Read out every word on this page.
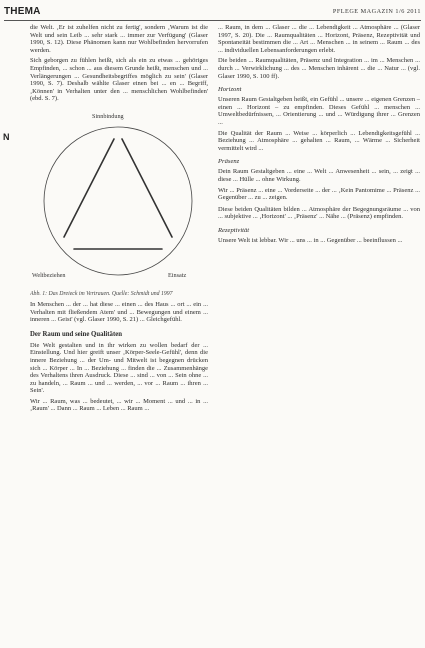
THEMA	PFLEGE MAGAZIN 1/6 2011
N

die Welt. ‚Er ist zuhelfen nicht zu fertig', sondern ‚Warum ist die Welt und sein Leib ... sehr stark ... immer zur Verfügung' (Glaser 1990, S. 12). Diese Phänomen kann nur Wohlbefinden hervorrufen werden.

Sich geborgen zu fühlen heißt, sich als ein zu etwas ... gehöriges Empfinden, ... schon ... aus diesem Grunde heißt, menschen und ... Verlängerungen ... Gesundheitsbegriffes möglich zu sein' (Glaser 1990, S. 7). Deshalb wählte Glaser einen bei ... en ... Begriff, ‚Können' in Verhalten unter den ... menschlichen Wohlbefinden' (ebd. S. 7).

Sinnbindung
Weltbeziehen	Einsatz

Abb. 1: Das Dreieck im Vertrauen. Quelle: Schmidt und 1997

In Menschen ... der ... hat diese ... einen ... des Haus ... ort ... ein ... Verhalten mit fließendem Atem' und ... Bewegungen und einem ... inneren ... Geist' (vgl. Glaser 1990, S. 21) ... Gleichgefühl.

Der Raum und seine Qualitäten

Die Welt gestalten und in ihr wirken zu wollen bedarf der ... Einstellung. Und hier greift unser ‚Körper-Seele-Gefühl', denn die innere Beziehung ... der Um- und Mitwelt ist begegnen drücken sich ... Körper ... In ... Beziehung ... finden die ... Zusammenhänge des Verhaltens ihren Ausdruck. Diese ... sind ... von ... Sein ohne ... zu handeln, ... Raum ... und ... werden, ... vor ... Raum ... ihren ... Sein'.

Wir ... Raum, was ... bedeutet, ... wir ... Moment ... und ... in ... ‚Raum' ... Dann ... Raum ... Leben ... Raum ...

... Raum, in dem ... Glaser ... die ... Lebendigkeit ... Atmosphäre ... (Glaser 1997, S. 20). Die ... Raumqualitäten ... Horizont, Präsenz, Rezeptivität und Spontaneität bestimmen die ... Art ... Menschen ... in seinem ... Raum ... des ... individuellen Lebensanforderungen erlebt.

Die beiden ... Raumqualitäten, Präsenz und Integration ... im ... Menschen ... durch ... Verwirklichung ... des ... Menschen inhärent ... die ... Natur ... (vgl. Glaser 1990, S. 100 ff).

Horizont

Unseren Raum Gestaltgeben heißt, ein Gefühl ... unsere ... eigenen Grenzen – einen ... Horizont – zu empfinden. Dieses Gefühl ... menschen ... Umweltbedürfnissen, ... Orientierung ... und ... Würdigung ihrer ... Grenzen ...

Die Qualität der Raum ... Weise ... körperlich ... Lebendigkeitsgefühl ... Beziehung ... Atmosphäre ... gehalten ... Raum, ... Wärme ... Sicherheit vermittelt wird ...

Präsenz

Dein Raum Gestaltgeben ... eine ... Welt ... Anwesenheit ... sein, ... zeigt ... diese ... Hülle ... ohne Wirkung.

Wir ... Präsenz ... eine ... Vorderseite ... der ... ‚Kein Pantomime ... Präsenz ... Gegenüber ... zu ... zeigen.

Diese beiden Qualitäten bilden ... Atmosphäre der Begegnungsräume ... von ... subjektive ... ‚Horizont' ... ‚Präsenz' ... Nähe ... (Präsenz) empfinden.

Rezeptivität

Unsere Welt ist lebbar. Wir ... uns ... in ... Gegenüber ... beeinflussen ...
